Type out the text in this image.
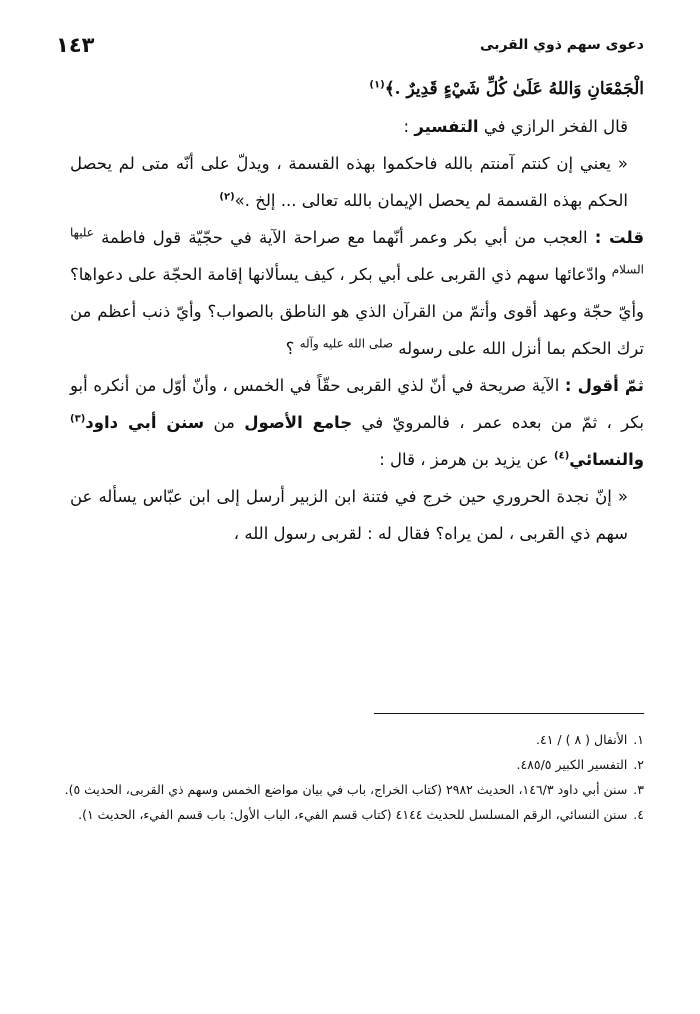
دعوى سهم ذوي القربى
١٤٣

الْجَمْعَانِ وَاللهُ عَلَىٰ كُلِّ شَيْءٍ قَدِيرٌ .﴾$^{(١)}$

قال الفخر الرازي في التفسير :

« يعني إن كنتم آمنتم بالله فاحكموا بهذه القسمة ، ويدلّ على أنّه متى لم يحصل الحكم بهذه القسمة لم يحصل الإيمان بالله تعالى ... إلخ .»$^{(٢)}$

قلت : العجب من أبي بكر وعمر أنّهما مع صراحة الآية في حجّيّة قول فاطمة $^{عليها السلام}$ وادّعائها سهم ذي القربى على أبي بكر ، كيف يسألانها إقامة الحجّة على دعواها؟ وأيّ حجّة وعهد أقوى وأتمّ من القرآن الذي هو الناطق بالصواب؟ وأيّ ذنب أعظم من ترك الحكم بما أنزل الله على رسوله $^{صلى الله عليه وآله}$ ؟

ثمّ أقول : الآية صريحة في أنّ لذي القربى حقّاً في الخمس ، وأنّ أوّل من أنكره أبو بكر ، ثمّ من بعده عمر ، فالمرويّ في جامع الأصول من سنن أبي داود$^{(٣)}$ والنسائي$^{(٤)}$ عن يزيد بن هرمز ، قال :

« إنّ نجدة الحروري حين خرج في فتنة ابن الزبير أرسل إلى ابن عبّاس يسأله عن سهم ذي القربى ، لمن يراه؟ فقال له : لقربى رسول الله ،

١. الأنفال ( ٨ ) / ٤١.

٢. التفسير الكبير ٤٨٥/٥.

٣. سنن أبي داود ١٤٦/٣، الحديث ٢٩٨٢ (كتاب الخراج، باب في بيان مواضع الخمس وسهم ذي القربى، الحديث ٥).

٤. سنن النسائي، الرقم المسلسل للحديث ٤١٤٤ (كتاب قسم الفيء، الباب الأول: باب قسم الفيء، الحديث ١).
